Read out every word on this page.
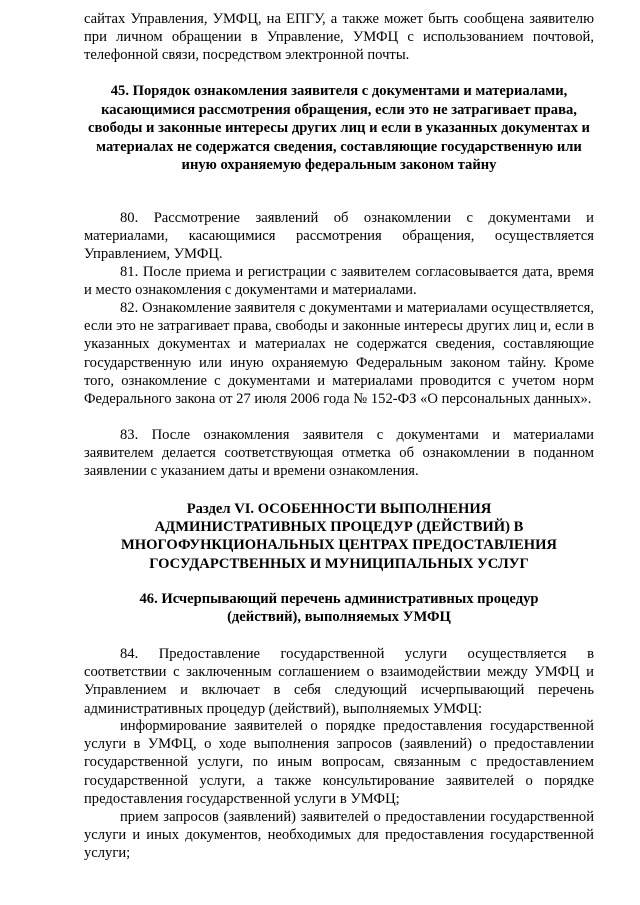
сайтах Управления, УМФЦ, на ЕПГУ, а также может быть сообщена заявителю при личном обращении в Управление, УМФЦ с использованием почтовой, телефонной связи, посредством электронной почты.

45. Порядок ознакомления заявителя с документами и материалами, касающимися рассмотрения обращения, если это не затрагивает права, свободы и законные интересы других лиц и если в указанных документах и материалах не содержатся сведения, составляющие государственную или иную охраняемую федеральным законом тайну

80. Рассмотрение заявлений об ознакомлении с документами и материалами, касающимися рассмотрения обращения, осуществляется Управлением, УМФЦ.

81. После приема и регистрации с заявителем согласовывается дата, время и место ознакомления с документами и материалами.

82. Ознакомление заявителя с документами и материалами осуществляется, если это не затрагивает права, свободы и законные интересы других лиц и, если в указанных документах и материалах не содержатся сведения, составляющие государственную или иную охраняемую Федеральным законом тайну. Кроме того, ознакомление с документами и материалами проводится с учетом норм Федерального закона от 27 июля 2006 года № 152-ФЗ «О персональных данных».

83. После ознакомления заявителя с документами и материалами заявителем делается соответствующая отметка об ознакомлении в поданном заявлении с указанием даты и времени ознакомления.

Раздел VI. ОСОБЕННОСТИ ВЫПОЛНЕНИЯ

АДМИНИСТРАТИВНЫХ ПРОЦЕДУР (ДЕЙСТВИЙ) В

МНОГОФУНКЦИОНАЛЬНЫХ ЦЕНТРАХ ПРЕДОСТАВЛЕНИЯ

ГОСУДАРСТВЕННЫХ И МУНИЦИПАЛЬНЫХ УСЛУГ

46. Исчерпывающий перечень административных процедур

(действий), выполняемых УМФЦ

84. Предоставление государственной услуги осуществляется в соответствии с заключенным соглашением о взаимодействии между УМФЦ и Управлением и включает в себя следующий исчерпывающий перечень административных процедур (действий), выполняемых УМФЦ:

информирование заявителей о порядке предоставления государственной услуги в УМФЦ, о ходе выполнения запросов (заявлений) о предоставлении государственной услуги, по иным вопросам, связанным с предоставлением государственной услуги, а также консультирование заявителей о порядке предоставления государственной услуги в УМФЦ;

прием запросов (заявлений) заявителей о предоставлении государственной услуги и иных документов, необходимых для предоставления государственной услуги;
